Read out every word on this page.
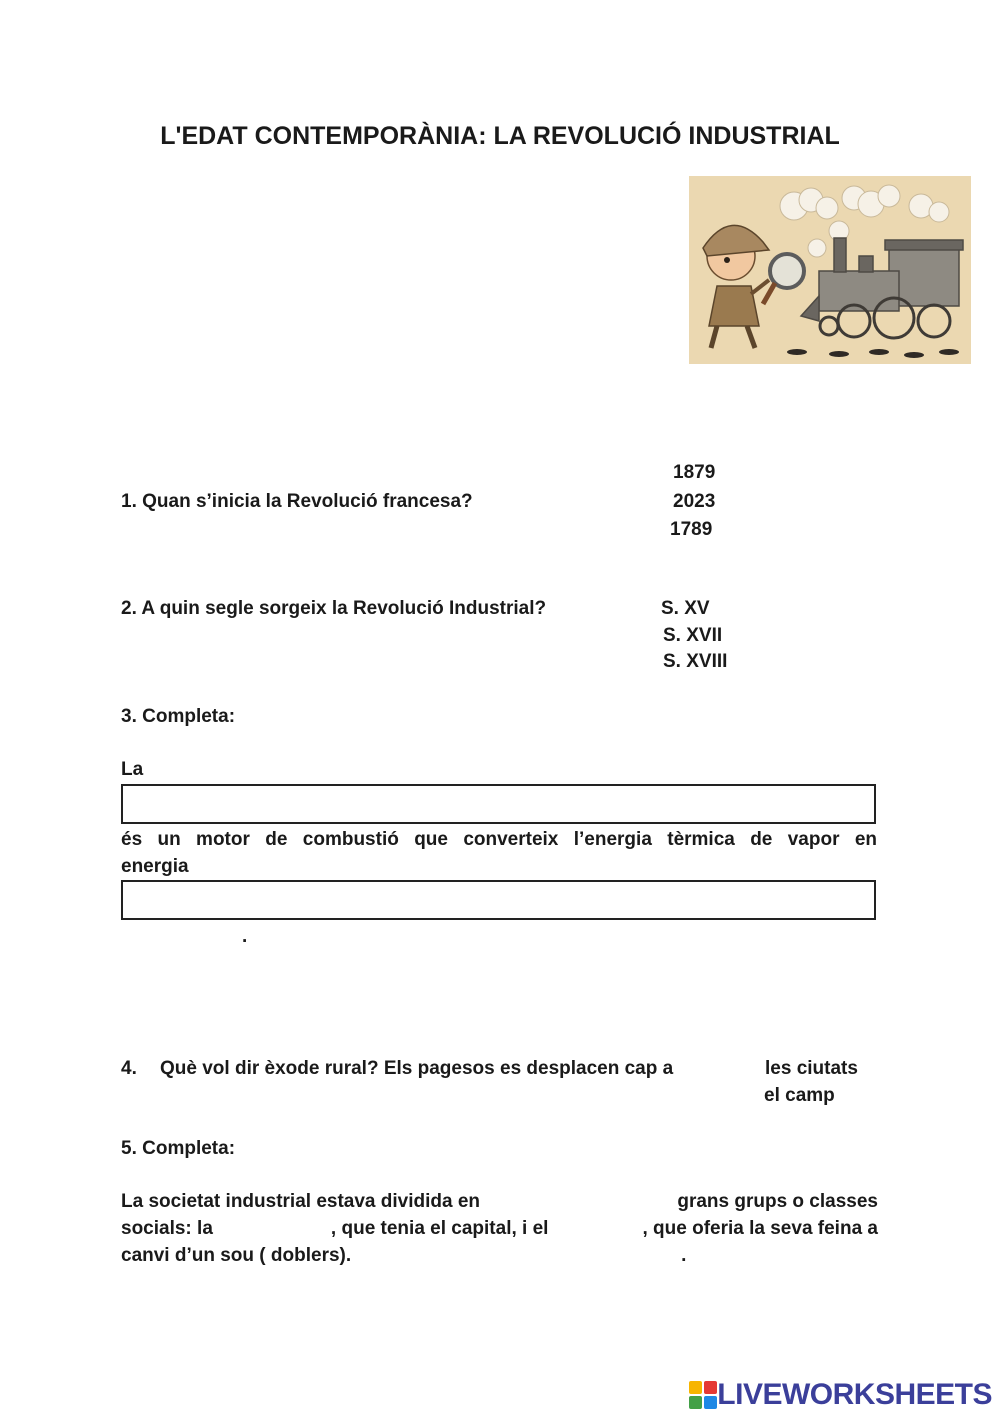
L'EDAT CONTEMPORÀNIA: LA REVOLUCIÓ INDUSTRIAL
1. Quan s’inicia la Revolució francesa?
1879
2023
1789
2. A quin segle sorgeix la Revolució Industrial?	S. XV
S. XVII
S. XVIII
3. Completa:
La
és un motor de combustió que converteix l’energia tèrmica de vapor en
energia
.
4. Què vol dir èxode rural? Els pagesos es desplacen cap a	les ciutats
el camp
5. Completa:
La societat industrial estava dividida en	grans grups o classes
socials: la	, que tenia el capital, i el	, que oferia la seva feina a
canvi d’un sou ( doblers).	.
LIVEWORKSHEETS
